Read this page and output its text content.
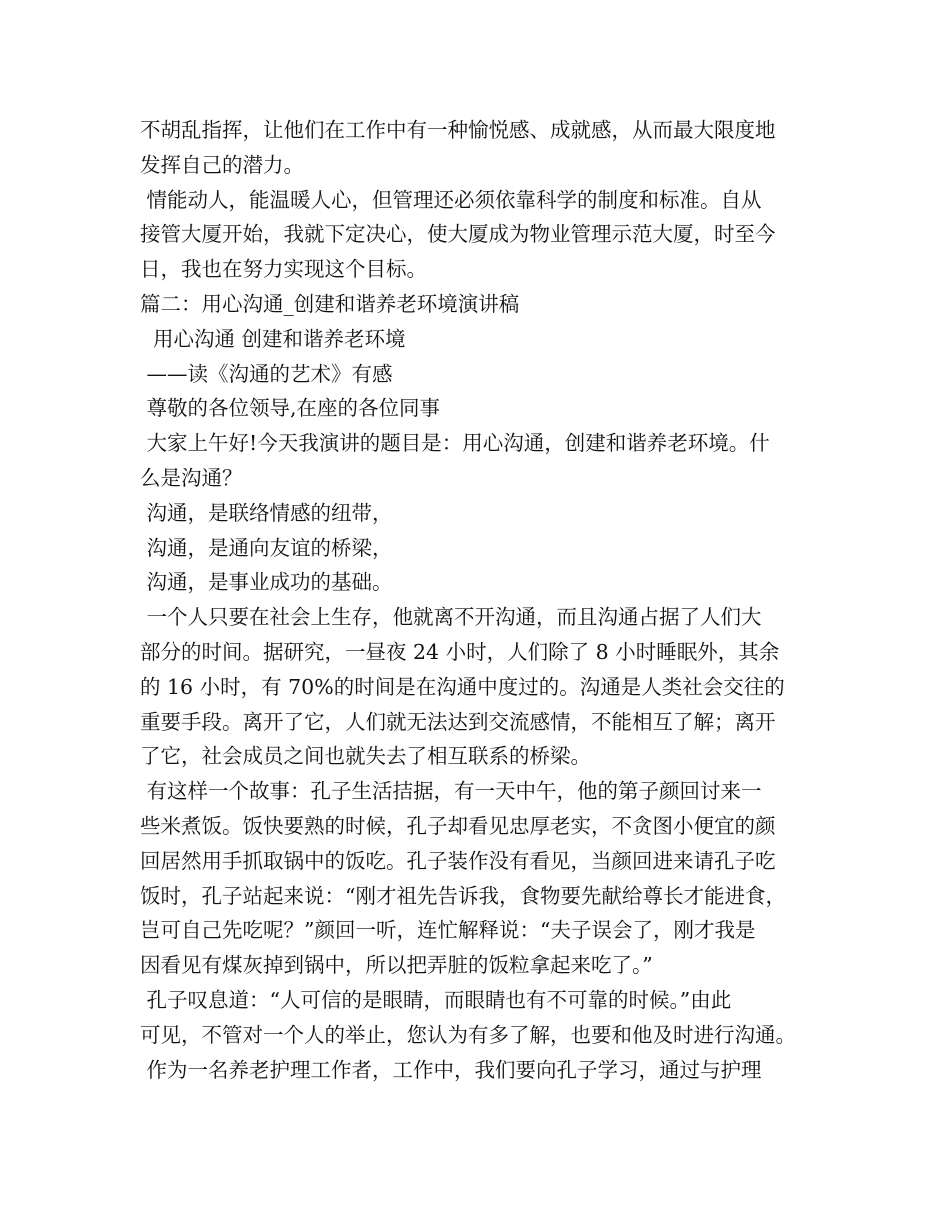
不胡乱指挥，让他们在工作中有一种愉悦感、成就感，从而最大限度地
发挥自己的潜力。
情能动人，能温暖人心，但管理还必须依靠科学的制度和标准。自从
接管大厦开始，我就下定决心，使大厦成为物业管理示范大厦，时至今
日，我也在努力实现这个目标。
篇二：用心沟通_创建和谐养老环境演讲稿
用心沟通 创建和谐养老环境
——读《沟通的艺术》有感
尊敬的各位领导,在座的各位同事
大家上午好!今天我演讲的题目是：用心沟通，创建和谐养老环境。什
么是沟通？
沟通，是联络情感的纽带，
沟通，是通向友谊的桥梁，
沟通，是事业成功的基础。
一个人只要在社会上生存，他就离不开沟通，而且沟通占据了人们大
部分的时间。据研究，一昼夜 24 小时，人们除了 8 小时睡眠外，其余
的 16 小时，有 70%的时间是在沟通中度过的。沟通是人类社会交往的
重要手段。离开了它，人们就无法达到交流感情，不能相互了解；离开
了它，社会成员之间也就失去了相互联系的桥梁。
有这样一个故事：孔子生活拮据，有一天中午，他的第子颜回讨来一
些米煮饭。饭快要熟的时候，孔子却看见忠厚老实，不贪图小便宜的颜
回居然用手抓取锅中的饭吃。孔子装作没有看见，当颜回进来请孔子吃
饭时，孔子站起来说：“刚才祖先告诉我，食物要先献给尊长才能进食，
岂可自己先吃呢？”颜回一听，连忙解释说：“夫子误会了，刚才我是
因看见有煤灰掉到锅中，所以把弄脏的饭粒拿起来吃了。”
孔子叹息道：“人可信的是眼睛，而眼睛也有不可靠的时候。”由此
可见，不管对一个人的举止，您认为有多了解，也要和他及时进行沟通。
作为一名养老护理工作者，工作中，我们要向孔子学习，通过与护理
